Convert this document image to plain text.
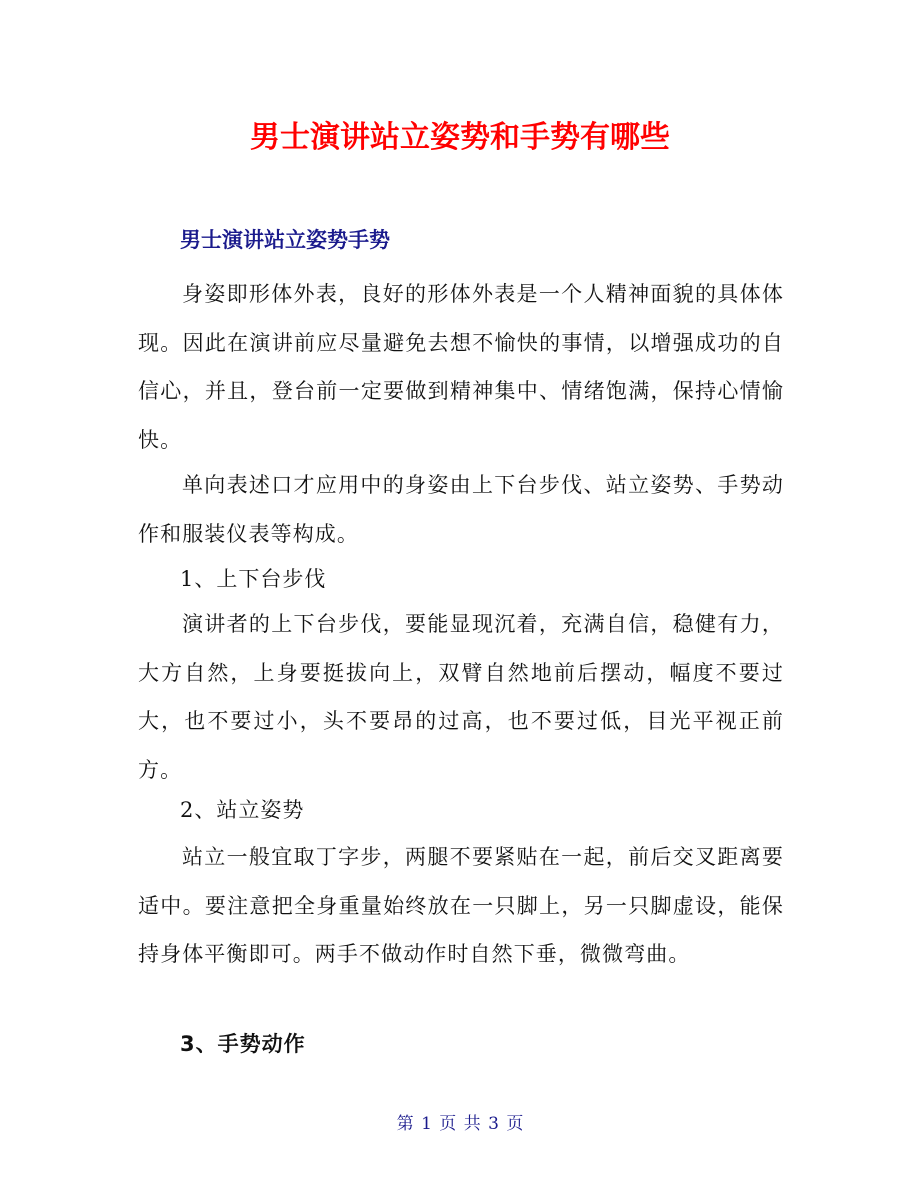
男士演讲站立姿势和手势有哪些
男士演讲站立姿势手势

身姿即形体外表，良好的形体外表是一个人精神面貌的具体体现。因此在演讲前应尽量避免去想不愉快的事情，以增强成功的自信心，并且，登台前一定要做到精神集中、情绪饱满，保持心情愉快。

单向表述口才应用中的身姿由上下台步伐、站立姿势、手势动作和服装仪表等构成。

1、上下台步伐

演讲者的上下台步伐，要能显现沉着，充满自信，稳健有力，大方自然，上身要挺拔向上，双臂自然地前后摆动，幅度不要过大，也不要过小，头不要昂的过高，也不要过低，目光平视正前方。

2、站立姿势

站立一般宜取丁字步，两腿不要紧贴在一起，前后交叉距离要适中。要注意把全身重量始终放在一只脚上，另一只脚虚设，能保持身体平衡即可。两手不做动作时自然下垂，微微弯曲。

3、手势动作
第 1 页 共 3 页
